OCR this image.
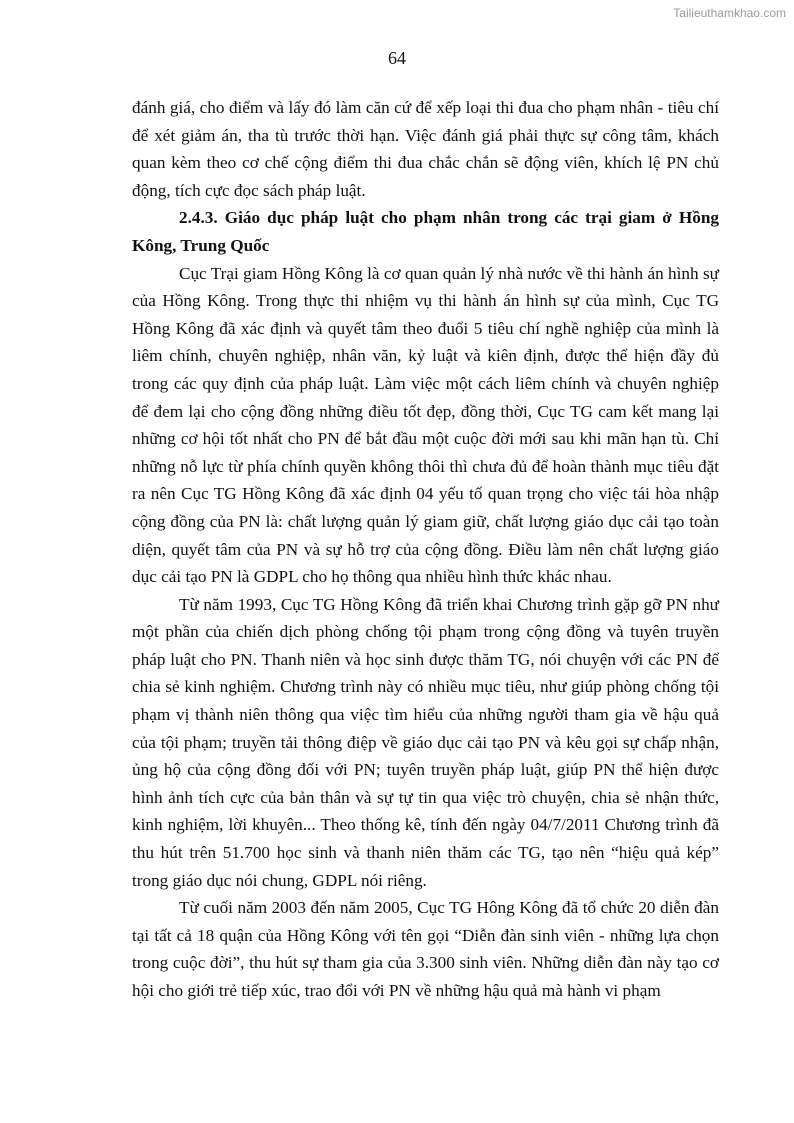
Tailieuthamkhao.com
64

đánh giá, cho điểm và lấy đó làm căn cứ để xếp loại thi đua cho phạm nhân - tiêu chí để xét giảm án, tha tù trước thời hạn. Việc đánh giá phải thực sự công tâm, khách quan kèm theo cơ chế cộng điểm thi đua chắc chắn sẽ động viên, khích lệ PN chủ động, tích cực đọc sách pháp luật.

2.4.3. Giáo dục pháp luật cho phạm nhân trong các trại giam ở Hồng Kông, Trung Quốc

Cục Trại giam Hồng Kông là cơ quan quản lý nhà nước về thi hành án hình sự của Hồng Kông. Trong thực thi nhiệm vụ thi hành án hình sự của mình, Cục TG Hồng Kông đã xác định và quyết tâm theo đuổi 5 tiêu chí nghề nghiệp của mình là liêm chính, chuyên nghiệp, nhân văn, kỷ luật và kiên định, được thể hiện đầy đủ trong các quy định của pháp luật. Làm việc một cách liêm chính và chuyên nghiệp để đem lại cho cộng đồng những điều tốt đẹp, đồng thời, Cục TG cam kết mang lại những cơ hội tốt nhất cho PN để bắt đầu một cuộc đời mới sau khi mãn hạn tù. Chỉ những nỗ lực từ phía chính quyền không thôi thì chưa đủ để hoàn thành mục tiêu đặt ra nên Cục TG Hồng Kông đã xác định 04 yếu tố quan trọng cho việc tái hòa nhập cộng đồng của PN là: chất lượng quản lý giam giữ, chất lượng giáo dục cải tạo toàn diện, quyết tâm của PN và sự hỗ trợ của cộng đồng. Điều làm nên chất lượng giáo dục cải tạo PN là GDPL cho họ thông qua nhiều hình thức khác nhau.

Từ năm 1993, Cục TG Hồng Kông đã triển khai Chương trình gặp gỡ PN như một phần của chiến dịch phòng chống tội phạm trong cộng đồng và tuyên truyền pháp luật cho PN. Thanh niên và học sinh được thăm TG, nói chuyện với các PN để chia sẻ kinh nghiệm. Chương trình này có nhiều mục tiêu, như giúp phòng chống tội phạm vị thành niên thông qua việc tìm hiểu của những người tham gia về hậu quả của tội phạm; truyền tải thông điệp về giáo dục cải tạo PN và kêu gọi sự chấp nhận, ủng hộ của cộng đồng đối với PN; tuyên truyền pháp luật, giúp PN thể hiện được hình ảnh tích cực của bản thân và sự tự tin qua việc trò chuyện, chia sẻ nhận thức, kinh nghiệm, lời khuyên... Theo thống kê, tính đến ngày 04/7/2011 Chương trình đã thu hút trên 51.700 học sinh và thanh niên thăm các TG, tạo nên “hiệu quả kép” trong giáo dục nói chung, GDPL nói riêng.

Từ cuối năm 2003 đến năm 2005, Cục TG Hông Kông đã tổ chức 20 diễn đàn tại tất cả 18 quận của Hồng Kông với tên gọi “Diễn đàn sinh viên - những lựa chọn trong cuộc đời”, thu hút sự tham gia của 3.300 sinh viên. Những diễn đàn này tạo cơ hội cho giới trẻ tiếp xúc, trao đổi với PN về những hậu quả mà hành vi phạm
